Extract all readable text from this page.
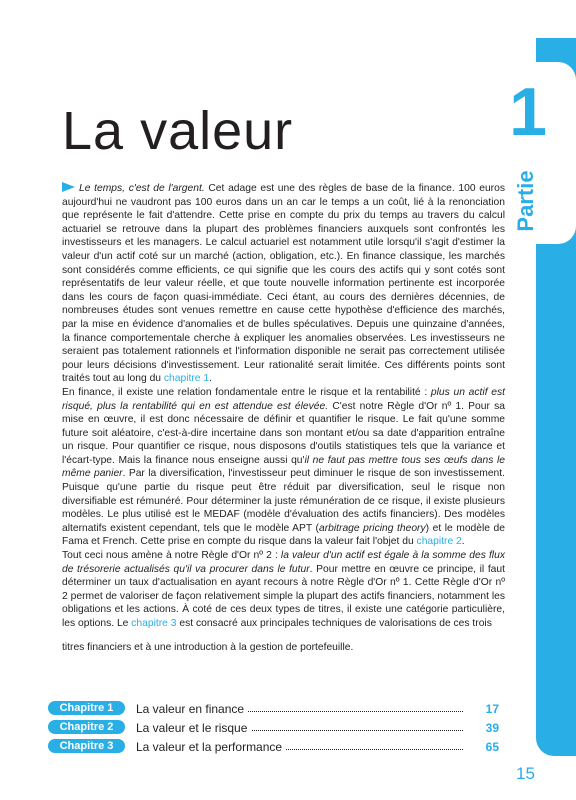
1
Partie
La valeur

Le temps, c'est de l'argent. Cet adage est une des règles de base de la finance. 100 euros aujourd'hui ne vaudront pas 100 euros dans un an car le temps a un coût, lié à la renonciation que représente le fait d'attendre. Cette prise en compte du prix du temps au travers du calcul actuariel se retrouve dans la plupart des problèmes financiers auxquels sont confrontés les investisseurs et les managers. Le calcul actuariel est notamment utile lorsqu'il s'agit d'estimer la valeur d'un actif coté sur un marché (action, obligation, etc.). En finance classique, les marchés sont considérés comme efficients, ce qui signifie que les cours des actifs qui y sont cotés sont représentatifs de leur valeur réelle, et que toute nouvelle information pertinente est incorporée dans les cours de façon quasi-immédiate. Ceci étant, au cours des dernières décennies, de nombreuses études sont venues remettre en cause cette hypothèse d'efficience des marchés, par la mise en évidence d'anomalies et de bulles spéculatives. Depuis une quinzaine d'années, la finance comportementale cherche à expliquer les anomalies observées. Les investisseurs ne seraient pas totalement rationnels et l'information disponible ne serait pas correctement utilisée pour leurs décisions d'investissement. Leur rationalité serait limitée. Ces différents points sont traités tout au long du chapitre 1.

En finance, il existe une relation fondamentale entre le risque et la rentabilité : plus un actif est risqué, plus la rentabilité qui en est attendue est élevée. C'est notre Règle d'Or nº 1. Pour sa mise en œuvre, il est donc nécessaire de définir et quantifier le risque. Le fait qu'une somme future soit aléatoire, c'est-à-dire incertaine dans son montant et/ou sa date d'apparition entraîne un risque. Pour quantifier ce risque, nous disposons d'outils statistiques tels que la variance et l'écart-type. Mais la finance nous enseigne aussi qu'il ne faut pas mettre tous ses œufs dans le même panier. Par la diversification, l'investisseur peut diminuer le risque de son investissement. Puisque qu'une partie du risque peut être réduit par diversification, seul le risque non diversifiable est rémunéré. Pour déterminer la juste rémunération de ce risque, il existe plusieurs modèles. Le plus utilisé est le MEDAF (modèle d'évaluation des actifs financiers). Des modèles alternatifs existent cependant, tels que le modèle APT (arbitrage pricing theory) et le modèle de Fama et French. Cette prise en compte du risque dans la valeur fait l'objet du chapitre 2.

Tout ceci nous amène à notre Règle d'Or nº 2 : la valeur d'un actif est égale à la somme des flux de trésorerie actualisés qu'il va procurer dans le futur. Pour mettre en œuvre ce principe, il faut déterminer un taux d'actualisation en ayant recours à notre Règle d'Or nº 1. Cette Règle d'Or nº 2 permet de valoriser de façon relativement simple la plupart des actifs financiers, notamment les obligations et les actions. À coté de ces deux types de titres, il existe une catégorie particulière, les options. Le chapitre 3 est consacré aux principales techniques de valorisations de ces trois

titres financiers et à une introduction à la gestion de portefeuille.

Chapitre 1	La valeur en finance	17
Chapitre 2	La valeur et le risque	39
Chapitre 3	La valeur et la performance	65
15
